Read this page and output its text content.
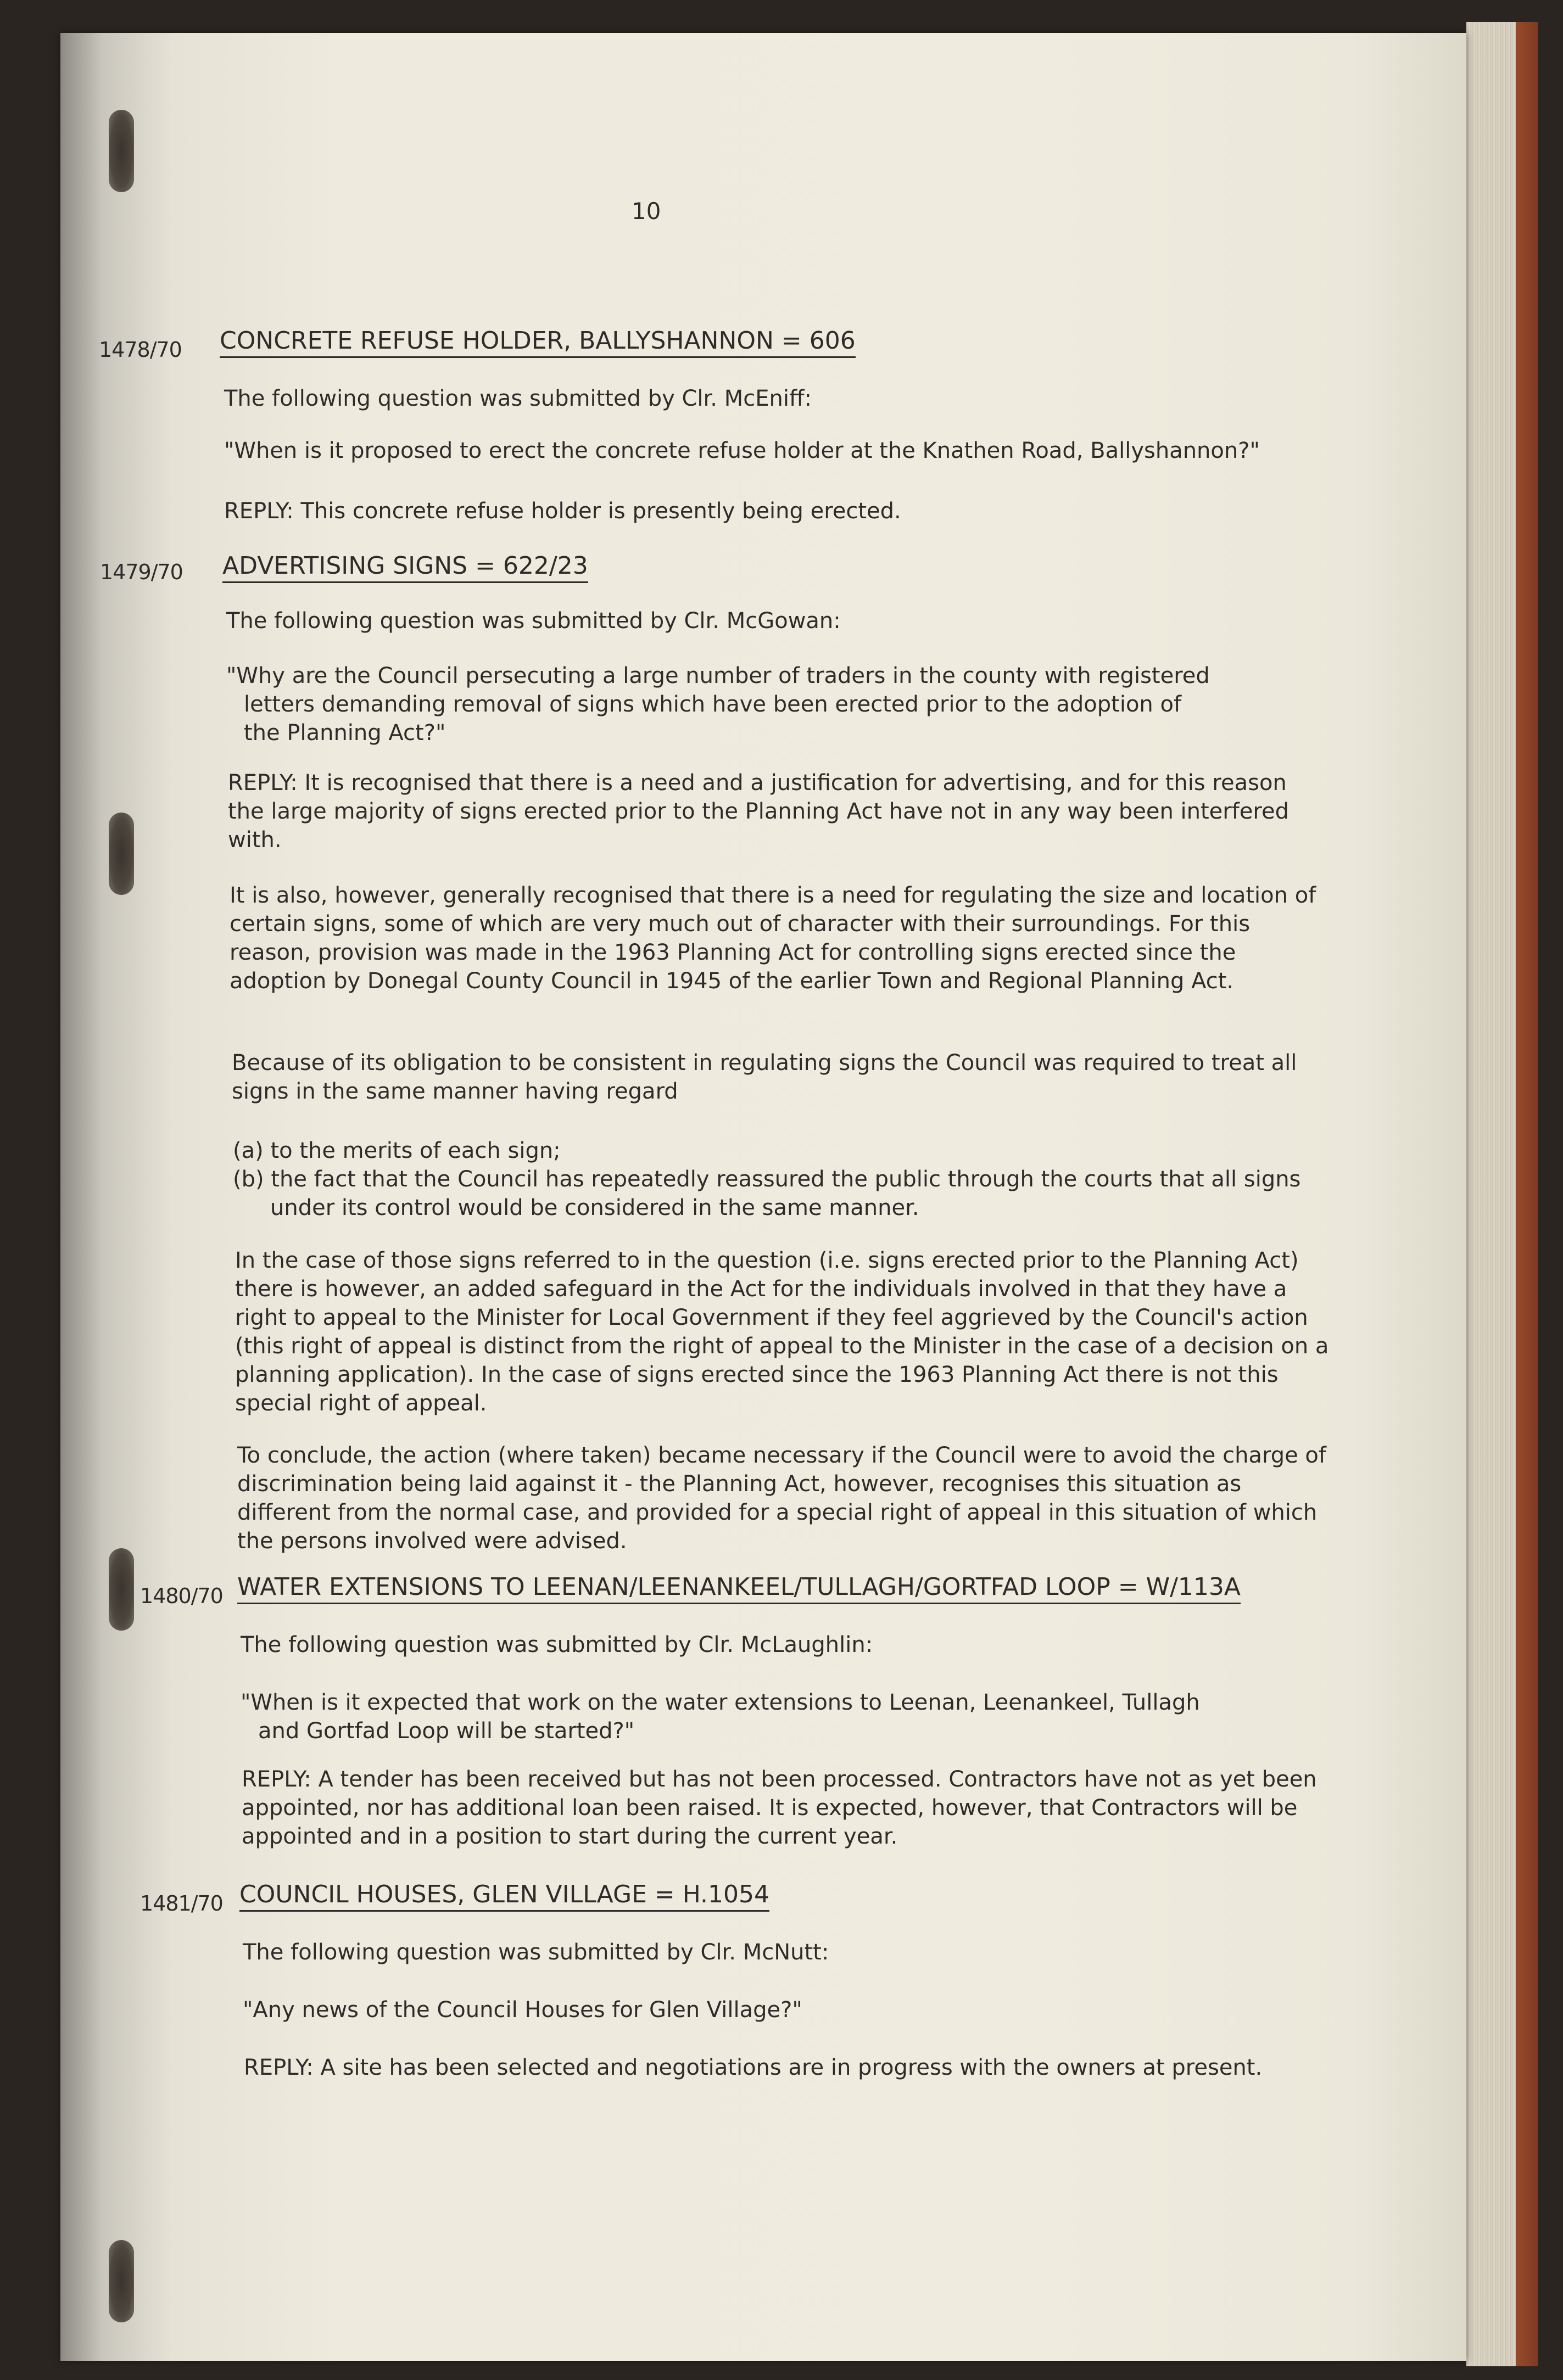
10
1478/70 CONCRETE REFUSE HOLDER, BALLYSHANNON = 606
The following question was submitted by Clr. McEniff:
"When is it proposed to erect the concrete refuse holder at the Knathen Road, Ballyshannon?"
REPLY: This concrete refuse holder is presently being erected.
1479/70 ADVERTISING SIGNS = 622/23
The following question was submitted by Clr. McGowan:
"Why are the Council persecuting a large number of traders in the county with registered
letters demanding removal of signs which have been erected prior to the adoption of
the Planning Act?"
REPLY: It is recognised that there is a need and a justification for advertising, and for this reason the large majority of signs erected prior to the Planning Act have not in any way been interfered with.
It is also, however, generally recognised that there is a need for regulating the size and location of certain signs, some of which are very much out of character with their surroundings. For this reason, provision was made in the 1963 Planning Act for controlling signs erected since the adoption by Donegal County Council in 1945 of the earlier Town and Regional Planning Act.
Because of its obligation to be consistent in regulating signs the Council was required to treat all signs in the same manner having regard
(a) to the merits of each sign;
(b) the fact that the Council has repeatedly reassured the public through the courts that all signs under its control would be considered in the same manner.
In the case of those signs referred to in the question (i.e. signs erected prior to the Planning Act) there is however, an added safeguard in the Act for the individuals involved in that they have a right to appeal to the Minister for Local Government if they feel aggrieved by the Council's action (this right of appeal is distinct from the right of appeal to the Minister in the case of a decision on a planning application). In the case of signs erected since the 1963 Planning Act there is not this special right of appeal.
To conclude, the action (where taken) became necessary if the Council were to avoid the charge of discrimination being laid against it - the Planning Act, however, recognises this situation as different from the normal case, and provided for a special right of appeal in this situation of which the persons involved were advised.
1480/70 WATER EXTENSIONS TO LEENAN/LEENANKEEL/TULLAGH/GORTFAD LOOP = W/113A
The following question was submitted by Clr. McLaughlin:
"When is it expected that work on the water extensions to Leenan, Leenankeel, Tullagh
and Gortfad Loop will be started?"
REPLY: A tender has been received but has not been processed. Contractors have not as yet been appointed, nor has additional loan been raised. It is expected, however, that Contractors will be appointed and in a position to start during the current year.
1481/70 COUNCIL HOUSES, GLEN VILLAGE = H.1054
The following question was submitted by Clr. McNutt:
"Any news of the Council Houses for Glen Village?"
REPLY: A site has been selected and negotiations are in progress with the owners at present.
